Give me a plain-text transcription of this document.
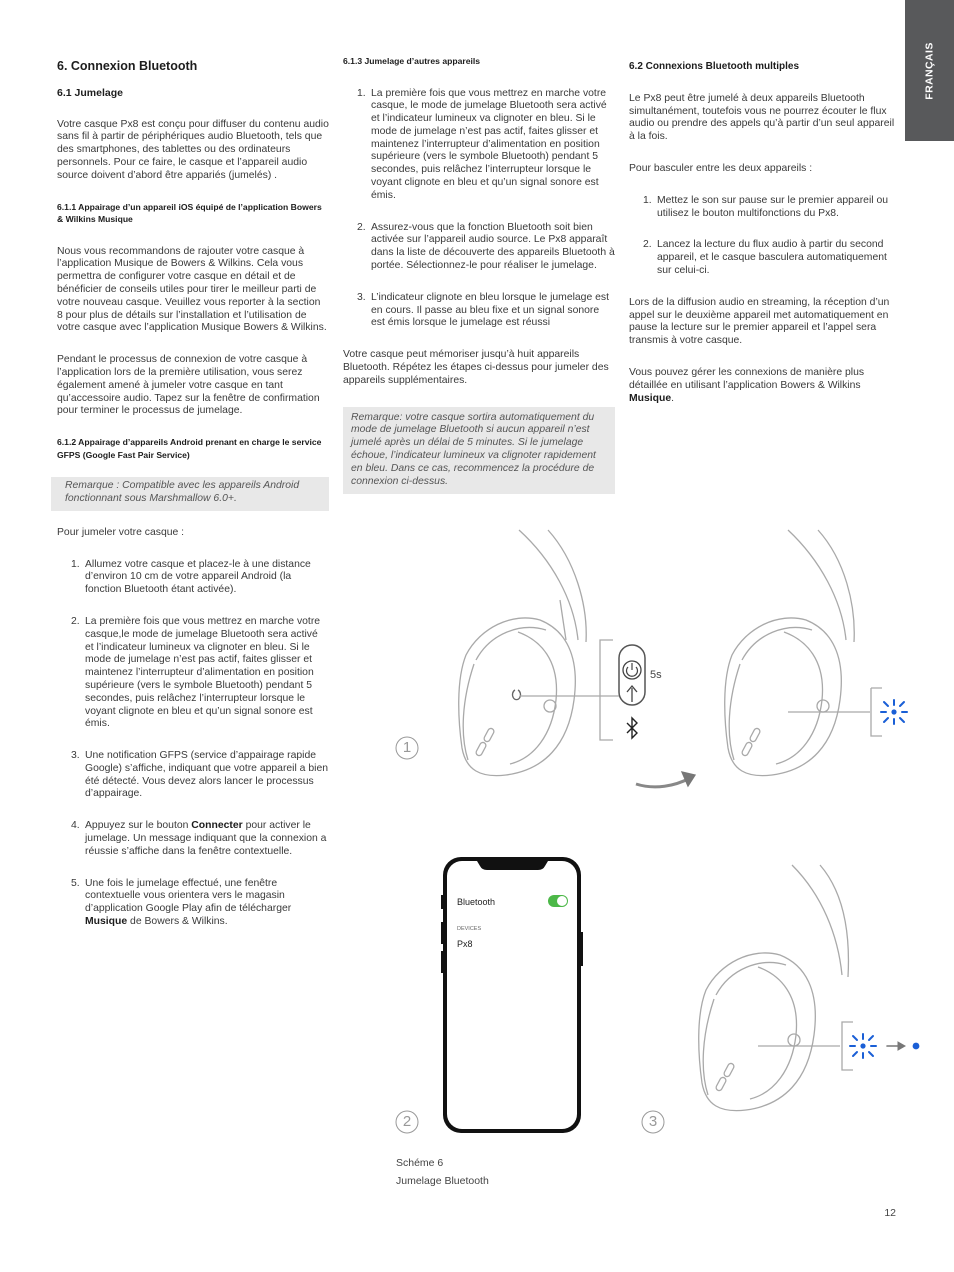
FRANÇAIS
6. Connexion Bluetooth
6.1 Jumelage

Votre casque Px8 est conçu pour diffuser du contenu audio sans fil à partir de périphériques audio Bluetooth, tels que des smartphones, des tablettes ou des ordinateurs personnels. Pour ce faire, le casque et l’appareil audio source doivent d’abord être appariés (jumelés) .

6.1.1 Appairage d’un appareil iOS équipé de l’application Bowers & Wilkins Musique

Nous vous recommandons de rajouter votre casque à l’application Musique de Bowers & Wilkins. Cela vous permettra de configurer votre casque en détail et de bénéficier de conseils utiles pour tirer le meilleur parti de votre nouveau casque. Veuillez vous reporter à la section 8 pour plus de détails sur l’installation et l’utilisation de votre casque avec l’application Musique Bowers & Wilkins.

Pendant le processus de connexion de votre casque à l’application lors de la première utilisation, vous serez également amené à jumeler votre casque en tant qu’accessoire audio. Tapez sur la fenêtre de confirmation pour terminer le processus de jumelage.

6.1.2 Appairage d’appareils Android prenant en charge le service GFPS (Google Fast Pair Service)

Remarque : Compatible avec les appareils Android fonctionnant sous Marshmallow 6.0+.

Pour jumeler votre casque :

1. Allumez votre casque et placez-le à une distance d’environ 10 cm de votre appareil Android (la fonction Bluetooth étant activée).
2. La première fois que vous mettrez en marche votre casque,le mode de jumelage Bluetooth sera activé et l’indicateur lumineux va clignoter en bleu. Si le mode de jumelage n’est pas actif, faites glisser et maintenez l’interrupteur d’alimentation en position supérieure (vers le symbole Bluetooth) pendant 5 secondes, puis relâchez l’interrupteur lorsque le voyant clignote en bleu et qu’un signal sonore est émis.
3. Une notification GFPS (service d’appairage rapide Google) s’affiche, indiquant que votre appareil a bien été détecté. Vous devez alors lancer le processus d’appairage.
4. Appuyez sur le bouton Connecter pour activer le jumelage. Un message indiquant que la connexion a réussie s’affiche dans la fenêtre contextuelle.
5. Une fois le jumelage effectué, une fenêtre contextuelle vous orientera vers le magasin d’application Google Play afin de télécharger Musique de Bowers & Wilkins.
6.1.3 Jumelage d’autres appareils
1. La première fois que vous mettrez en marche votre casque, le mode de jumelage Bluetooth sera activé et l’indicateur lumineux va clignoter en bleu. Si le mode de jumelage n’est pas actif, faites glisser et maintenez l’interrupteur d’alimentation en position supérieure (vers le symbole Bluetooth) pendant 5 secondes, puis relâchez l’interrupteur lorsque le voyant clignote en bleu et qu’un signal sonore est émis.
2. Assurez-vous que la fonction Bluetooth soit bien activée sur l’appareil audio source. Le Px8 apparaît dans la liste de découverte des appareils Bluetooth à portée. Sélectionnez-le pour réaliser le jumelage.
3. L’indicateur clignote en bleu lorsque le jumelage est en cours. Il passe au bleu fixe et un signal sonore est émis lorsque le jumelage est réussi

Votre casque peut mémoriser jusqu’à huit appareils Bluetooth. Répétez les étapes ci-dessus pour jumeler des appareils supplémentaires.

Remarque: votre casque sortira automatiquement du mode de jumelage Bluetooth si aucun appareil n’est jumelé après un délai de 5 minutes. Si le jumelage échoue, l’indicateur lumineux va clignoter rapidement en bleu. Dans ce cas, recommencez la procédure de connexion ci-dessus.

6.2 Connexions Bluetooth multiples

Le Px8 peut être jumelé à deux appareils Bluetooth simultanément, toutefois vous ne pourrez écouter le flux audio ou prendre des appels qu’à partir d’un seul appareil à la fois.

Pour basculer entre les deux appareils :

1. Mettez le son sur pause sur le premier appareil ou utilisez le bouton multifonctions du Px8.
2. Lancez la lecture du flux audio à partir du second appareil, et le casque basculera automatiquement sur celui-ci.

Lors de la diffusion audio en streaming, la réception d’un appel sur le deuxième appareil met automatiquement en pause la lecture sur le premier appareil et l’appel sera transmis à votre casque.

Vous pouvez gérer les connexions de manière plus détaillée en utilisant l’application Bowers & Wilkins Musique.

1
2	3
5s
Bluetooth
DEVICES
Px8
Schéme 6
Jumelage Bluetooth
12
